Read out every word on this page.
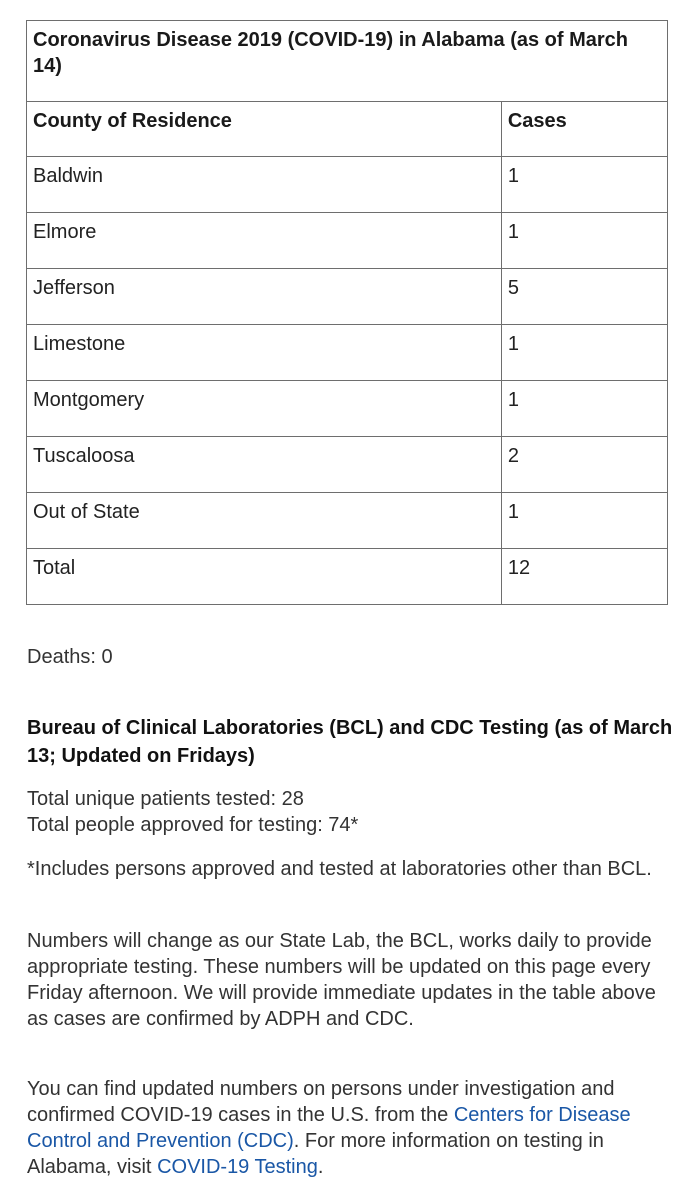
Coronavirus Disease 2019 (COVID-19) in Alabama (as of March 14)	
County of Residence	Cases
Baldwin	1
Elmore	1
Jefferson	5
Limestone	1
Montgomery	1
Tuscaloosa	2
Out of State	1
Total	12
Deaths: 0
Bureau of Clinical Laboratories (BCL) and CDC Testing (as of March 13; Updated on Fridays)

Total unique patients tested: 28
Total people approved for testing: 74*

*Includes persons approved and tested at laboratories other than BCL.

Numbers will change as our State Lab, the BCL, works daily to provide appropriate testing. These numbers will be updated on this page every Friday afternoon. We will provide immediate updates in the table above as cases are confirmed by ADPH and CDC.

You can find updated numbers on persons under investigation and confirmed COVID-19 cases in the U.S. from the Centers for Disease Control and Prevention (CDC). For more information on testing in Alabama, visit COVID-19 Testing.
